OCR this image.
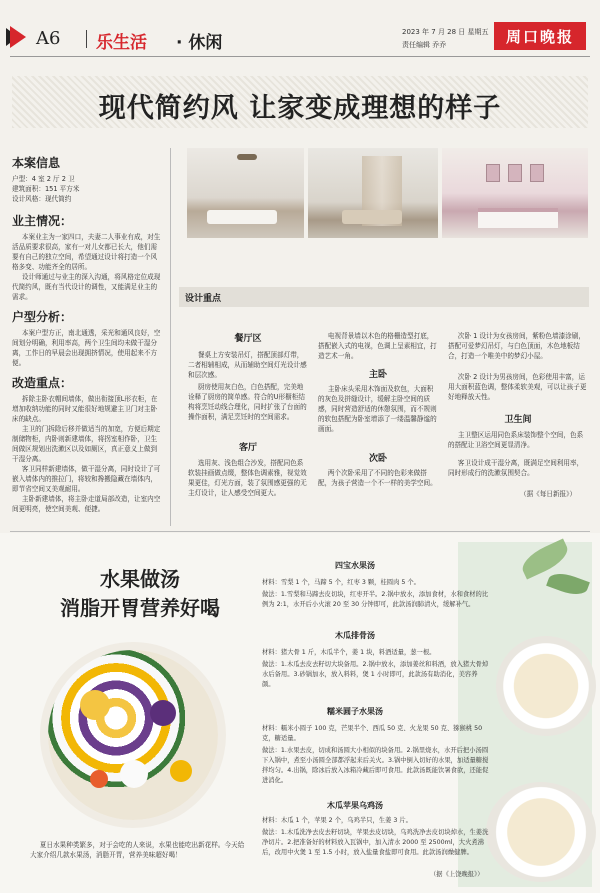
A6 乐生活 · 休闲
2023 年 7 月 28 日 星期五
责任编辑 乔乔	周口晚报
现代简约风 让家变成理想的样子
本案信息
户型：4 室 2 厅 2 卫
建筑面积：151 平方米
设计风格：现代简约
业主情况：
本案业主为一家四口，夫妻二人事业有成，对生活品质要求很高，家有一对儿女都已长大，他们需要有自己的独立空间，希望通过设计将打造一个风格多变、功能齐全的居所。
设计师通过与业主的深入沟通，将风格定位成现代简约风，既有当代设计的调性，又能满足业主的需求。
户型分析：
本案户型方正，南北通透，采光和通风良好，空间划分明确，利用率高，两个卫生间均未做干湿分离，工作日的早晨会出现拥挤情况，使用起来不方便。
改造重点：
拆除主卧衣帽间墙体，做出衔接顶L形衣柜，在增加收纳功能的同时又能很好地规避主卫门对主卧床的缺点。
主卫的门拆除后移并做适当的加宽，方便后期定制储物柜，内卧则新建墙体，将拐室相作卧，卫生间做区规划出洗漱区以及如厕区，真正意义上做到干湿分离。
客卫同样新建墙体，做干湿分离，同时设计了可嵌入墙体内的推拉门，将较和搀搬隐藏在墙体内，即节省空间又美观耐用。
主卧新建墙体，将主卧走道局部改造，让室内空间更明亮，使空间美观、便捷。
设计重点
餐厅区
餐桌上方安装吊灯，搭配顶部灯带，二者相辅相成，从而辅助空间灯光设计感和层次感。
厨房使用灰白色，白色搭配，完美地诠释了厨房的简单感。符合的U形橱柜结构将烹饪动线合理化，同时扩张了台面的操作面积，满足烹饪时的空间需求。
客厅
选用灰、浅色组合沙发，搭配同色系软装挂画做点缀，整体色调素雅，视觉效果更佳，灯光方面，装了氛围感更强的无主灯设计，让人感受空间更大。
电视背景墙以木色的格栅造型打底，搭配嵌入式的电视，色调上呈素相宜，打造艺术一角。
主卧
主卧床头采用木饰面及软包，大面积的灰色及拼缝设计，缓解主卧空间的质感，同时营造舒适的休憩氛围，而不规则的软包搭配为卧室增添了一缕温馨静谧的画面。
次卧
两个次卧采用了不同的色彩来做搭配，为孩子营造一个不一样的美学空间。
次卧 1 设计为女孩房间，紫粉色墙漆涂刷，搭配可爱梦幻吊灯，与白色顶面，木色地板结合，打造一个唯美中的梦幻小屋。
次卧 2 设计为男孩房间，色彩使用丰富，运用大面积蓝色调，整体柔软美观，可以让孩子更好地释放天性。
卫生间
主卫整区运用同色系床装饰整个空间，色系的搭配让卫浴空间更显清净。
客卫设计成干湿分离，既满足空间利用率，同时形成行的洗漱氛围契合。
（据《每日新报》）
水果做汤
消脂开胃营养好喝
夏日水果种类繁多，对于会吃的人来说，水果也能吃出新花样。今天给大家介绍几款水果汤，消脂开胃，营养美味超好喝！
四宝水果汤
材料：雪梨 1 个，马蹄 5 个，红枣 3 颗，桂圆肉 5 个。
做法：1.雪梨和马蹄去皮切块，红枣开半。2.锅中放水，添加食材，水和食材的比例为 2:1，水开后小火滚 20 至 30 分钟即可，此款汤润肺清火，缓解补气。
木瓜排骨汤
材料：猪大骨 1 斤，木瓜半个，姜 1 块，料酒适量，葱一根。
做法：1.木瓜去皮去籽切大块备用。2.锅中放水，添加姜丝和料酒，放入猪大骨焯水后备用。3.砂锅加水，放入料料，煲 1 小时即可，此款汤有助消化，美容养颜。
糯米圆子水果汤
材料：糯米小圆子 100 克，芒果半个、西瓜 50 克、火龙果 50 克、猕猴桃 50 克，糖适量。
做法：1.水果去皮，切成和汤圆大小相似的块备用。2.锅里烧水，水开后把小汤圆下入锅中，煮至小汤圆全部都浮起来后关火。3.锅中倒入切好的水果，加适量糖搅拌均匀。4.出锅，除冰后放入冰箱冷藏后即可食用。此款汤既能饮暑食欲，还能促进消化。
木瓜苹果乌鸡汤
材料：木瓜 1 个，苹果 2 个，乌鸡半只，生姜 3 片。
做法：1.木瓜洗净去皮去籽切块，苹果去皮切块，乌鸡洗净去皮切块焯水，生姜洗净切片。2.把准备好的材料放入瓦锅中，加入清水 2000 至 2500ml，大火煮沸后，改用中火煲 1 至 1.5 小时，放入盐量食盐即可食用。此款汤润燥健脾。
（据《上饶晚报》）
